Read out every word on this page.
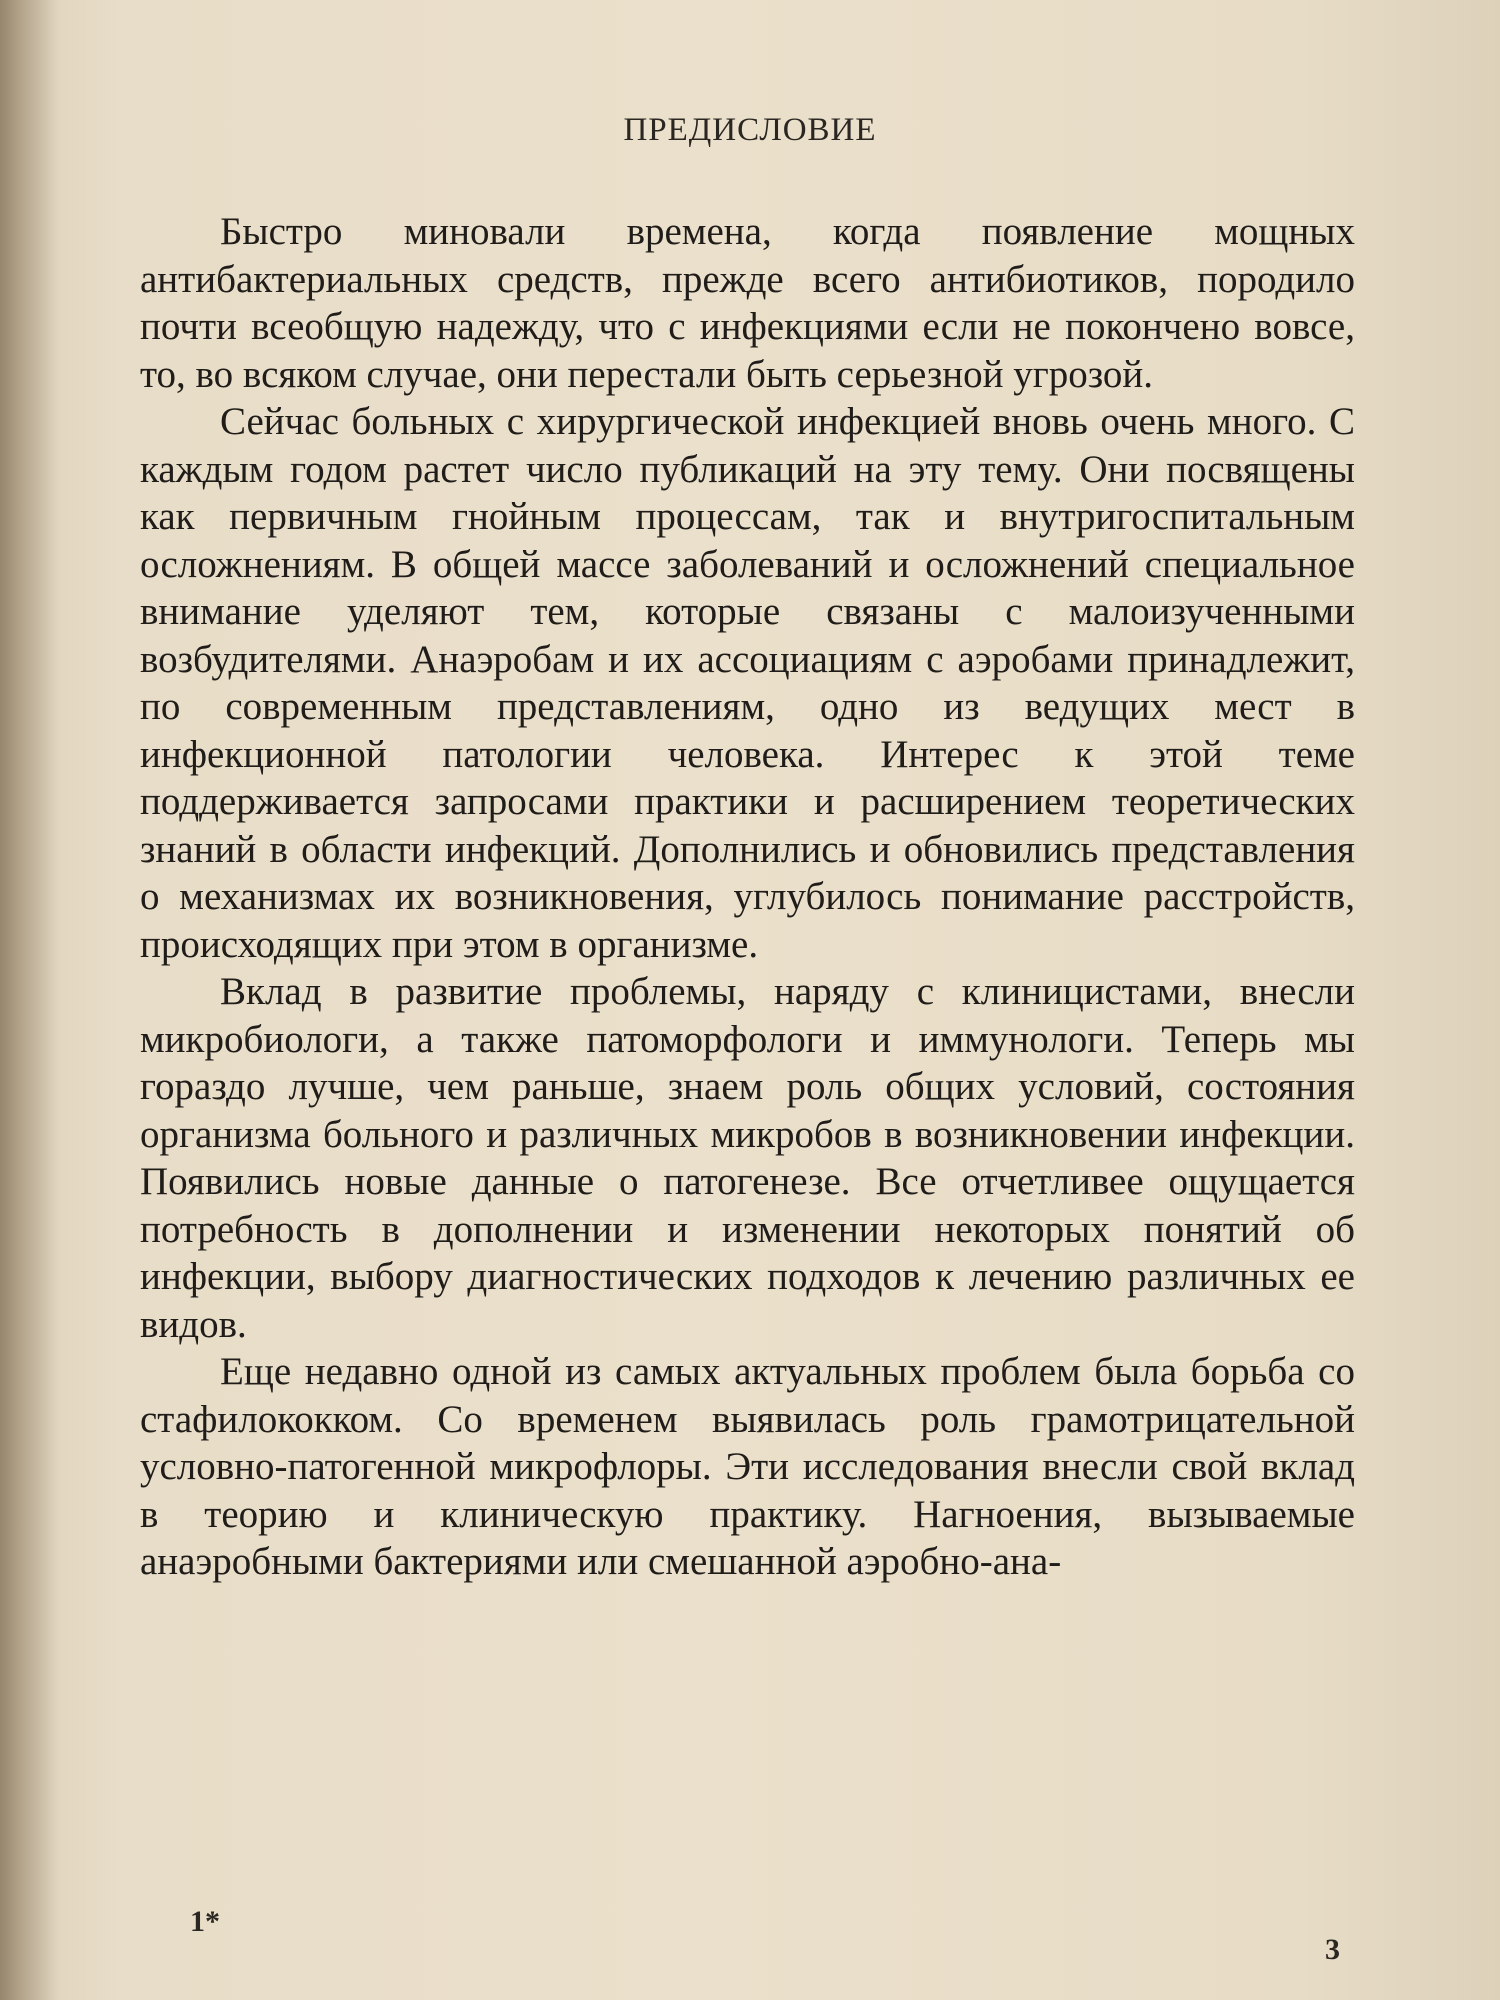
ПРЕДИСЛОВИЕ

Быстро миновали времена, когда появление мощных антибактериальных средств, прежде всего антибиотиков, породило почти всеобщую надежду, что с инфекциями если не покончено вовсе, то, во всяком случае, они перестали быть серьезной угрозой.

Сейчас больных с хирургической инфекцией вновь очень много. С каждым годом растет число публикаций на эту тему. Они посвящены как первичным гнойным процессам, так и внутригоспитальным осложнениям. В общей массе заболеваний и осложнений специальное внимание уделяют тем, которые связаны с малоизученными возбудителями. Анаэробам и их ассоциациям с аэробами принадлежит, по современным представлениям, одно из ведущих мест в инфекционной патологии человека. Интерес к этой теме поддерживается запросами практики и расширением теоретических знаний в области инфекций. Дополнились и обновились представления о механизмах их возникновения, углубилось понимание расстройств, происходящих при этом в организме.

Вклад в развитие проблемы, наряду с клиницистами, внесли микробиологи, а также патоморфологи и иммунологи. Теперь мы гораздо лучше, чем раньше, знаем роль общих условий, состояния организма больного и различных микробов в возникновении инфекции. Появились новые данные о патогенезе. Все отчетливее ощущается потребность в дополнении и изменении некоторых понятий об инфекции, выбору диагностических подходов к лечению различных ее видов.

Еще недавно одной из самых актуальных проблем была борьба со стафилококком. Со временем выявилась роль грамотрицательной условно-патогенной микрофлоры. Эти исследования внесли свой вклад в теорию и клиническую практику. Нагноения, вызываемые анаэробными бактериями или смешанной аэробно-ана-

1*
3
